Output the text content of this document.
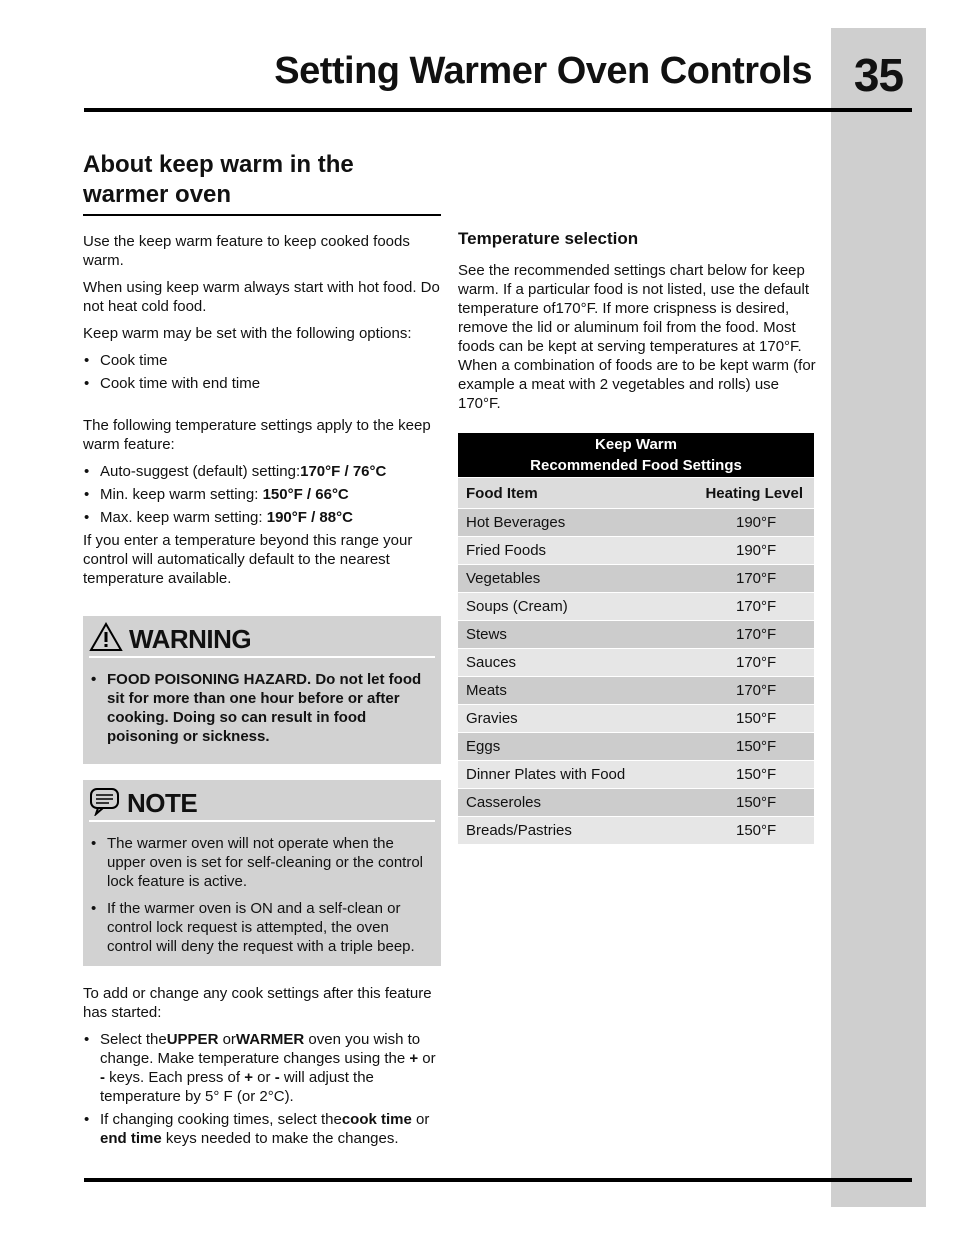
35
Setting Warmer Oven Controls
About keep warm in the warmer oven

Use the keep warm feature to keep cooked foods warm.

When using keep warm always start with hot food. Do not heat cold food.

Keep warm may be set with the following options:

• Cook time
• Cook time with end time

The following temperature settings apply to the keep warm feature:

• Auto-suggest (default) setting:170°F / 76°C
• Min. keep warm setting: 150°F / 66°C
• Max. keep warm setting: 190°F / 88°C

If you enter a temperature beyond this range your control will automatically default to the nearest temperature available.

WARNING
• FOOD POISONING HAZARD. Do not let food sit for more than one hour before or after cooking. Doing so can result in food poisoning or sickness.
NOTE
• The warmer oven will not operate when the upper oven is set for self-cleaning or the control lock feature is active.
• If the warmer oven is ON and a self-clean or control lock request is attempted, the oven control will deny the request with a triple beep.

To add or change any cook settings after this feature has started:

• Select theUPPER orWARMER oven you wish to change. Make temperature changes using the + or - keys. Each press of + or - will adjust the temperature by 5° F (or 2°C).
• If changing cooking times, select thecook time or end time keys needed to make the changes.
Temperature selection

See the recommended settings chart below for keep warm. If a particular food is not listed, use the default temperature of170°F. If more crispness is desired, remove the lid or aluminum foil from the food. Most foods can be kept at serving temperatures at 170°F. When a combination of foods are to be kept warm (for example a meat with 2 vegetables and rolls) use 170°F.

Keep Warm
Recommended Food Settings	

Food Item	Heating Level
Hot Beverages	190°F
Fried Foods	190°F
Vegetables	170°F
Soups (Cream)	170°F
Stews	170°F
Sauces	170°F
Meats	170°F
Gravies	150°F
Eggs	150°F
Dinner Plates with Food	150°F
Casseroles	150°F
Breads/Pastries	150°F
